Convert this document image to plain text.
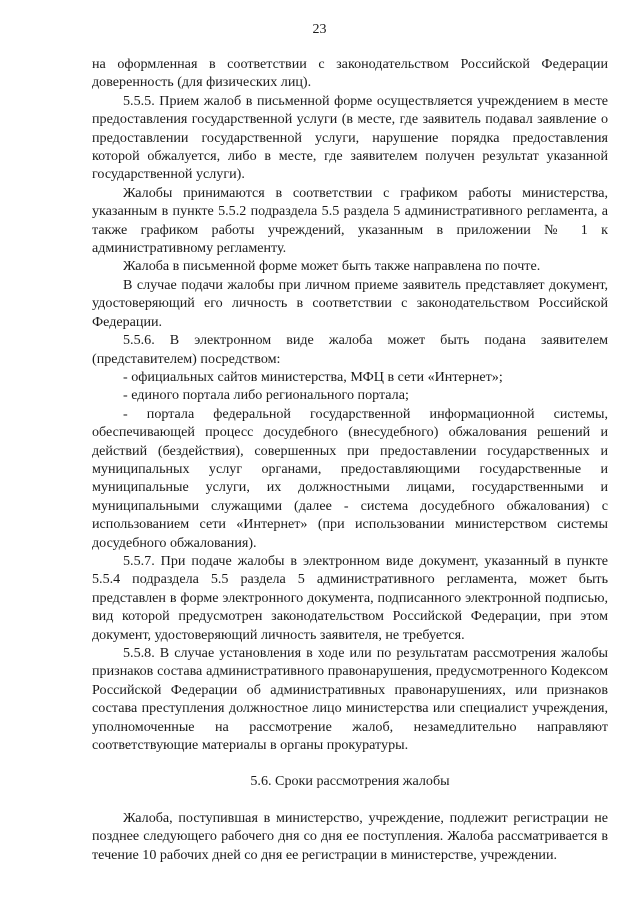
23

на оформленная в соответствии с законодательством Российской Федерации доверенность (для физических лиц).

5.5.5. Прием жалоб в письменной форме осуществляется учреждением в месте предоставления государственной услуги (в месте, где заявитель подавал заявление о предоставлении государственной услуги, нарушение порядка предоставления которой обжалуется, либо в месте, где заявителем получен результат указанной государственной услуги).

Жалобы принимаются в соответствии с графиком работы министерства, указанным в пункте 5.5.2 подраздела 5.5 раздела 5 административного регламента, а также графиком работы учреждений, указанным в приложении № 1 к административному регламенту.

Жалоба в письменной форме может быть также направлена по почте.

В случае подачи жалобы при личном приеме заявитель представляет документ, удостоверяющий его личность в соответствии с законодательством Российской Федерации.

5.5.6. В электронном виде жалоба может быть подана заявителем (представителем) посредством:

- официальных сайтов министерства, МФЦ в сети «Интернет»;

- единого портала либо регионального портала;

- портала федеральной государственной информационной системы, обеспечивающей процесс досудебного (внесудебного) обжалования решений и действий (бездействия), совершенных при предоставлении государственных и муниципальных услуг органами, предоставляющими государственные и муниципальные услуги, их должностными лицами, государственными и муниципальными служащими (далее - система досудебного обжалования) с использованием сети «Интернет» (при использовании министерством системы досудебного обжалования).

5.5.7. При подаче жалобы в электронном виде документ, указанный в пункте 5.5.4 подраздела 5.5 раздела 5 административного регламента, может быть представлен в форме электронного документа, подписанного электронной подписью, вид которой предусмотрен законодательством Российской Федерации, при этом документ, удостоверяющий личность заявителя, не требуется.

5.5.8. В случае установления в ходе или по результатам рассмотрения жалобы признаков состава административного правонарушения, предусмотренного Кодексом Российской Федерации об административных правонарушениях, или признаков состава преступления должностное лицо министерства или специалист учреждения, уполномоченные на рассмотрение жалоб, незамедлительно направляют соответствующие материалы в органы прокуратуры.

5.6. Сроки рассмотрения жалобы

Жалоба, поступившая в министерство, учреждение, подлежит регистрации не позднее следующего рабочего дня со дня ее поступления. Жалоба рассматривается в течение 10 рабочих дней со дня ее регистрации в министерстве, учреждении.
